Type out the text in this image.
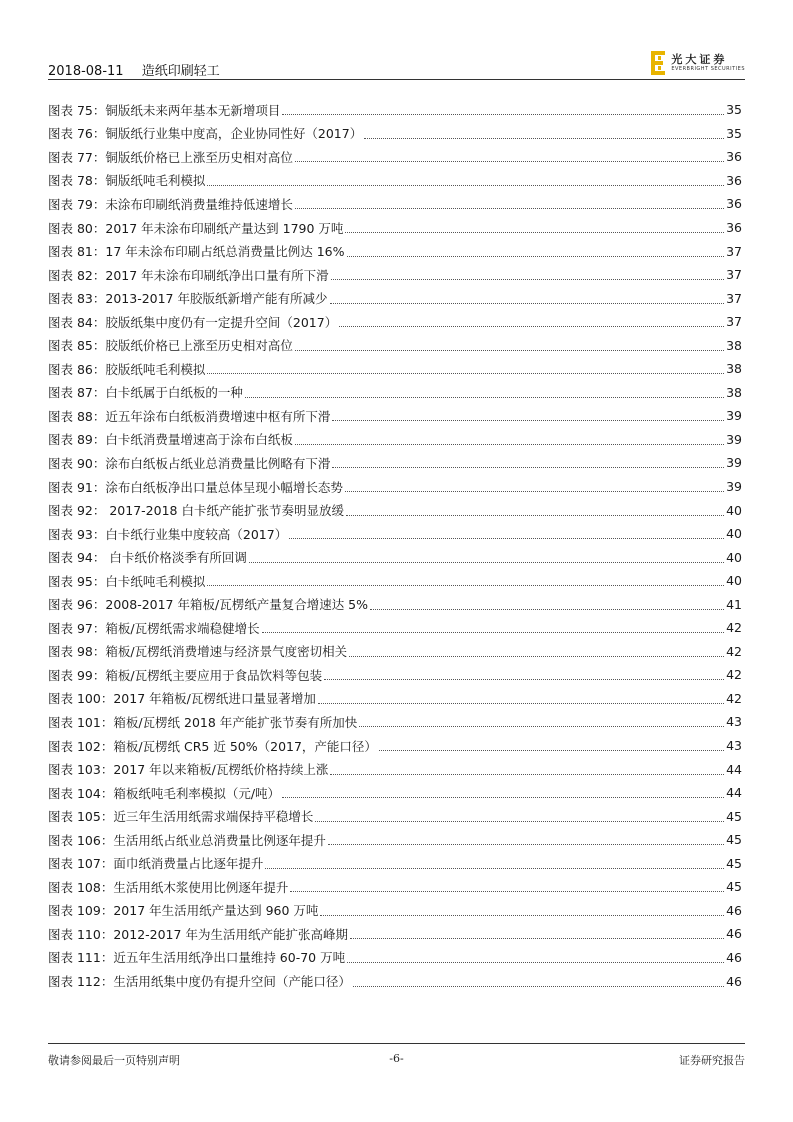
2018-08-11 造纸印刷轻工
光大证券
EVERBRIGHT SECURITIES
图表 75：铜版纸未来两年基本无新增项目	35
图表 76：铜版纸行业集中度高，企业协同性好（2017）	35
图表 77：铜版纸价格已上涨至历史相对高位	36
图表 78：铜版纸吨毛利模拟	36
图表 79：未涂布印刷纸消费量维持低速增长	36
图表 80：2017 年未涂布印刷纸产量达到 1790 万吨	36
图表 81：17 年未涂布印刷占纸总消费量比例达 16%	37
图表 82：2017 年未涂布印刷纸净出口量有所下滑	37
图表 83：2013-2017 年胶版纸新增产能有所减少	37
图表 84：胶版纸集中度仍有一定提升空间（2017）	37
图表 85：胶版纸价格已上涨至历史相对高位	38
图表 86：胶版纸吨毛利模拟	38
图表 87：白卡纸属于白纸板的一种	38
图表 88：近五年涂布白纸板消费增速中枢有所下滑	39
图表 89：白卡纸消费量增速高于涂布白纸板	39
图表 90：涂布白纸板占纸业总消费量比例略有下滑	39
图表 91：涂布白纸板净出口量总体呈现小幅增长态势	39
图表 92： 2017-2018 白卡纸产能扩张节奏明显放缓	40
图表 93：白卡纸行业集中度较高（2017）	40
图表 94： 白卡纸价格淡季有所回调	40
图表 95：白卡纸吨毛利模拟	40
图表 96：2008-2017 年箱板/瓦楞纸产量复合增速达 5%	41
图表 97：箱板/瓦楞纸需求端稳健增长	42
图表 98：箱板/瓦楞纸消费增速与经济景气度密切相关	42
图表 99：箱板/瓦楞纸主要应用于食品饮料等包装	42
图表 100：2017 年箱板/瓦楞纸进口量显著增加	42
图表 101：箱板/瓦楞纸 2018 年产能扩张节奏有所加快	43
图表 102：箱板/瓦楞纸 CR5 近 50%（2017，产能口径）	43
图表 103：2017 年以来箱板/瓦楞纸价格持续上涨	44
图表 104：箱板纸吨毛利率模拟（元/吨）	44
图表 105：近三年生活用纸需求端保持平稳增长	45
图表 106：生活用纸占纸业总消费量比例逐年提升	45
图表 107：面巾纸消费量占比逐年提升	45
图表 108：生活用纸木浆使用比例逐年提升	45
图表 109：2017 年生活用纸产量达到 960 万吨	46
图表 110：2012-2017 年为生活用纸产能扩张高峰期	46
图表 111：近五年生活用纸净出口量维持 60-70 万吨	46
图表 112：生活用纸集中度仍有提升空间（产能口径）	46
敬请参阅最后一页特别声明	-6-	证券研究报告
